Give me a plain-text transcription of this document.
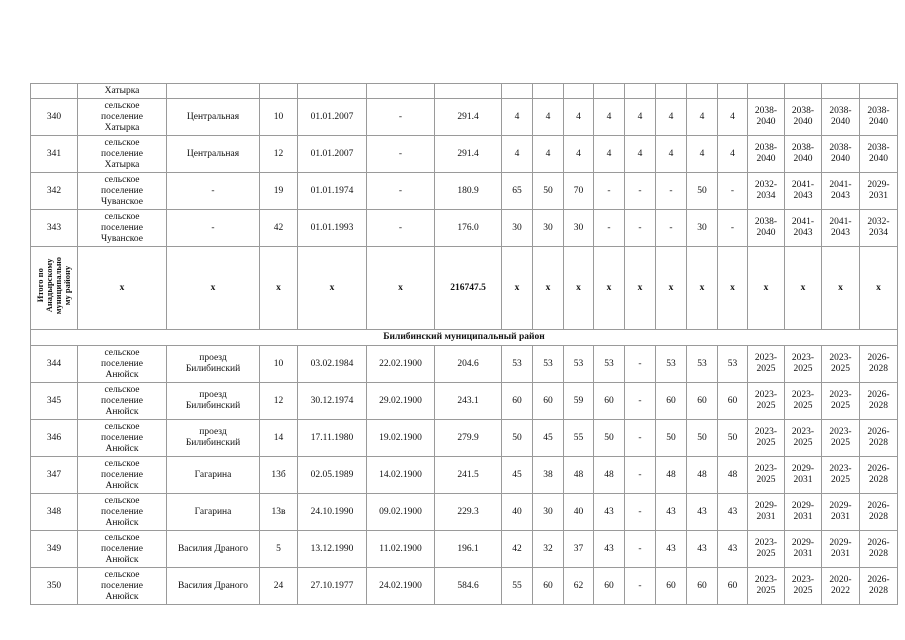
	Хатырка																	
340	сельское
поселение
Хатырка	Центральная	10	01.01.2007	-	291.4	4	4	4	4	4	4	4	4	2038-
2040	2038-
2040	2038-
2040	2038-
2040
341	сельское
поселение
Хатырка	Центральная	12	01.01.2007	-	291.4	4	4	4	4	4	4	4	4	2038-
2040	2038-
2040	2038-
2040	2038-
2040
342	сельское
поселение
Чуванское	-	19	01.01.1974	-	180.9	65	50	70	-	-	-	50	-	2032-
2034	2041-
2043	2041-
2043	2029-
2031
343	сельское
поселение
Чуванское	-	42	01.01.1993	-	176.0	30	30	30	-	-	-	30	-	2038-
2040	2041-
2043	2041-
2043	2032-
2034
Итого по
Анадырскому
муниципально
му району	x	x	x	x	x	216747.5	x	x	x	x	x	x	x	x	x	x	x	x
Билибинский муниципальный район																		
344	сельское
поселение
Анюйск	проезд
Билибинский	10	03.02.1984	22.02.1900	204.6	53	53	53	53	-	53	53	53	2023-
2025	2023-
2025	2023-
2025	2026-
2028
345	сельское
поселение
Анюйск	проезд
Билибинский	12	30.12.1974	29.02.1900	243.1	60	60	59	60	-	60	60	60	2023-
2025	2023-
2025	2023-
2025	2026-
2028
346	сельское
поселение
Анюйск	проезд
Билибинский	14	17.11.1980	19.02.1900	279.9	50	45	55	50	-	50	50	50	2023-
2025	2023-
2025	2023-
2025	2026-
2028
347	сельское
поселение
Анюйск	Гагарина	13б	02.05.1989	14.02.1900	241.5	45	38	48	48	-	48	48	48	2023-
2025	2029-
2031	2023-
2025	2026-
2028
348	сельское
поселение
Анюйск	Гагарина	13в	24.10.1990	09.02.1900	229.3	40	30	40	43	-	43	43	43	2029-
2031	2029-
2031	2029-
2031	2026-
2028
349	сельское
поселение
Анюйск	Василия Драного	5	13.12.1990	11.02.1900	196.1	42	32	37	43	-	43	43	43	2023-
2025	2029-
2031	2029-
2031	2026-
2028
350	сельское
поселение
Анюйск	Василия Драного	24	27.10.1977	24.02.1900	584.6	55	60	62	60	-	60	60	60	2023-
2025	2023-
2025	2020-
2022	2026-
2028
